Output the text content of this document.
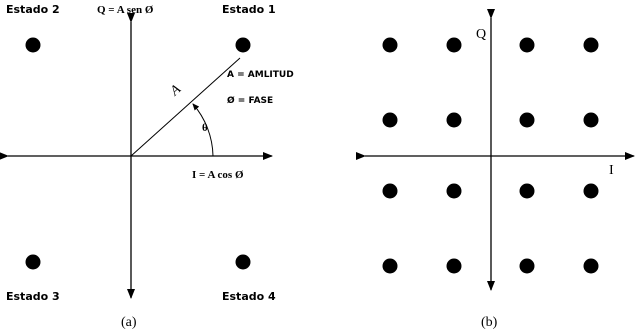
Estado 2	Estado 1
Estado 3	Estado 4
Q = A sen Ø
A
A = AMLITUD
Ø = FASE
θ
I = A cos Ø
(a)
Q
I
(b)
